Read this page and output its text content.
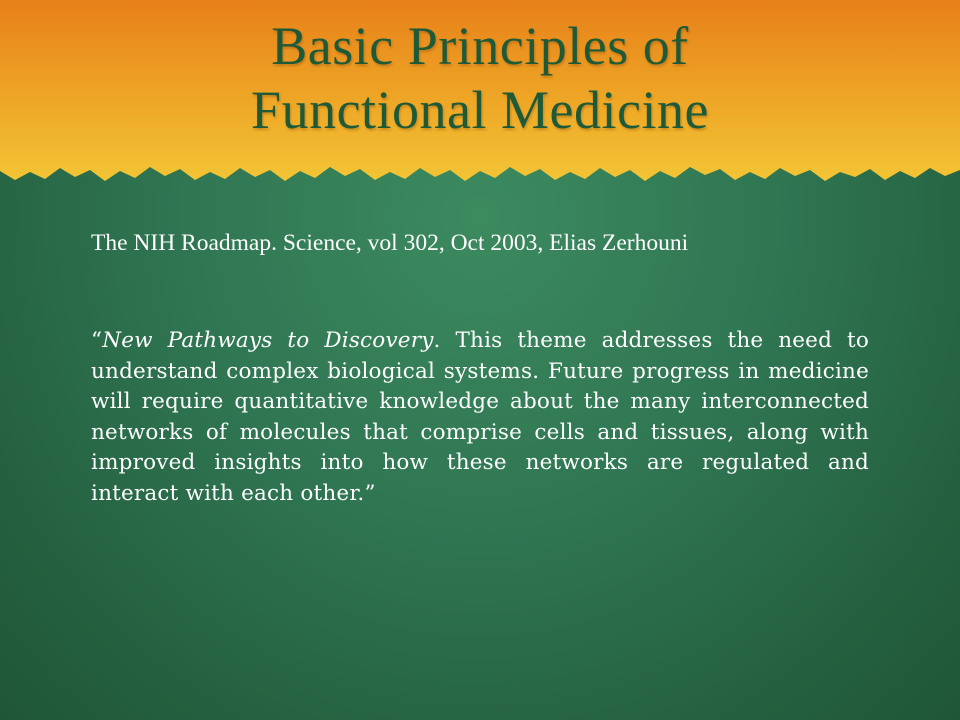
Basic Principles of
Functional Medicine

The NIH Roadmap. Science, vol 302, Oct 2003, Elias Zerhouni

“New Pathways to Discovery. This theme addresses the need to understand complex biological systems. Future progress in medicine will require quantitative knowledge about the many interconnected networks of molecules that comprise cells and tissues, along with improved insights into how these networks are regulated and interact with each other.”
